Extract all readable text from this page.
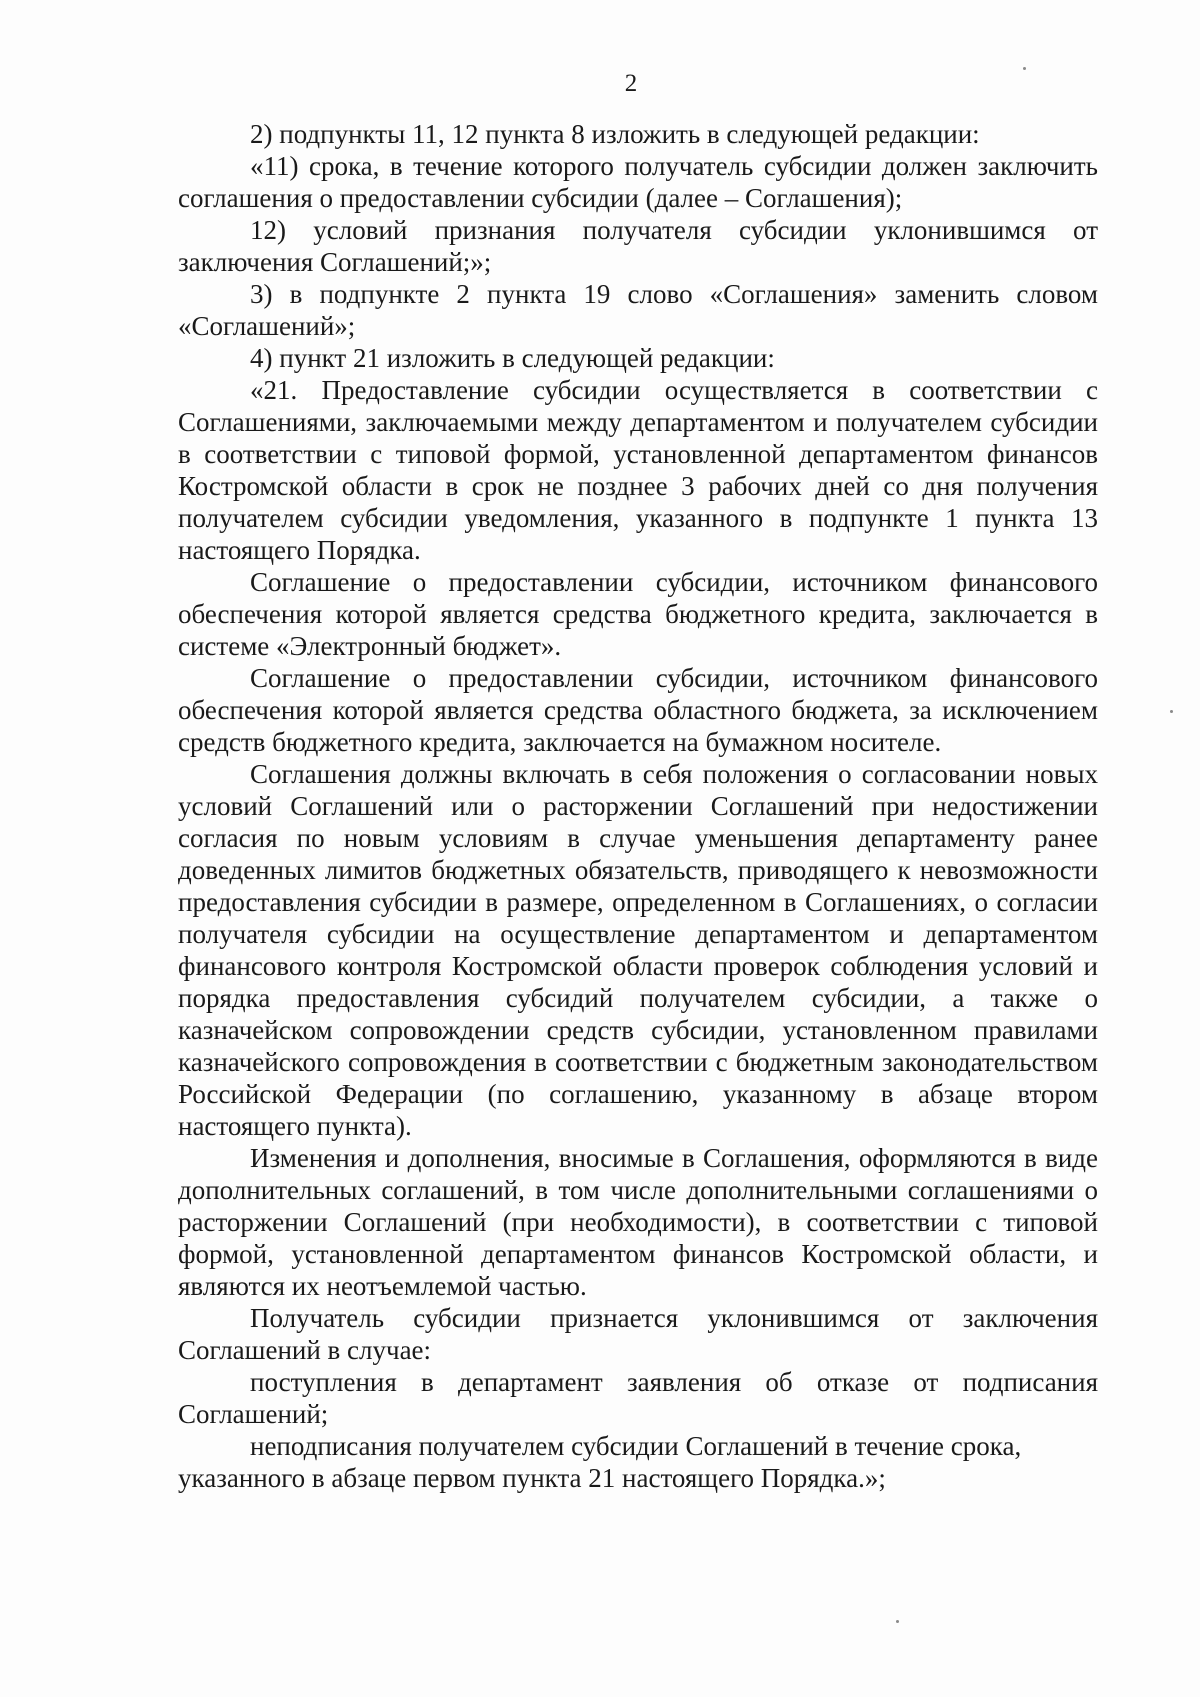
2

2) подпункты 11, 12 пункта 8 изложить в следующей редакции:

«11) срока, в течение которого получатель субсидии должен заключить соглашения о предоставлении субсидии (далее – Соглашения);

12) условий признания получателя субсидии уклонившимся от заключения Соглашений;»;

3) в подпункте 2 пункта 19 слово «Соглашения» заменить словом «Соглашений»;

4) пункт 21 изложить в следующей редакции:

«21. Предоставление субсидии осуществляется в соответствии с Соглашениями, заключаемыми между департаментом и получателем субсидии в соответствии с типовой формой, установленной департаментом финансов Костромской области в срок не позднее 3 рабочих дней со дня получения получателем субсидии уведомления, указанного в подпункте 1 пункта 13 настоящего Порядка.

Соглашение о предоставлении субсидии, источником финансового обеспечения которой является средства бюджетного кредита, заключается в системе «Электронный бюджет».

Соглашение о предоставлении субсидии, источником финансового обеспечения которой является средства областного бюджета, за исключением средств бюджетного кредита, заключается на бумажном носителе.

Соглашения должны включать в себя положения о согласовании новых условий Соглашений или о расторжении Соглашений при недостижении согласия по новым условиям в случае уменьшения департаменту ранее доведенных лимитов бюджетных обязательств, приводящего к невозможности предоставления субсидии в размере, определенном в Соглашениях, о согласии получателя субсидии на осуществление департаментом и департаментом финансового контроля Костромской области проверок соблюдения условий и порядка предоставления субсидий получателем субсидии, а также о казначейском сопровождении средств субсидии, установленном правилами казначейского сопровождения в соответствии с бюджетным законодательством Российской Федерации (по соглашению, указанному в абзаце втором настоящего пункта).

Изменения и дополнения, вносимые в Соглашения, оформляются в виде дополнительных соглашений, в том числе дополнительными соглашениями о расторжении Соглашений (при необходимости), в соответствии с типовой формой, установленной департаментом финансов Костромской области, и являются их неотъемлемой частью.

Получатель субсидии признается уклонившимся от заключения Соглашений в случае:

поступления в департамент заявления об отказе от подписания Соглашений;

неподписания получателем субсидии Соглашений в течение срока, указанного в абзаце первом пункта 21 настоящего Порядка.»;
